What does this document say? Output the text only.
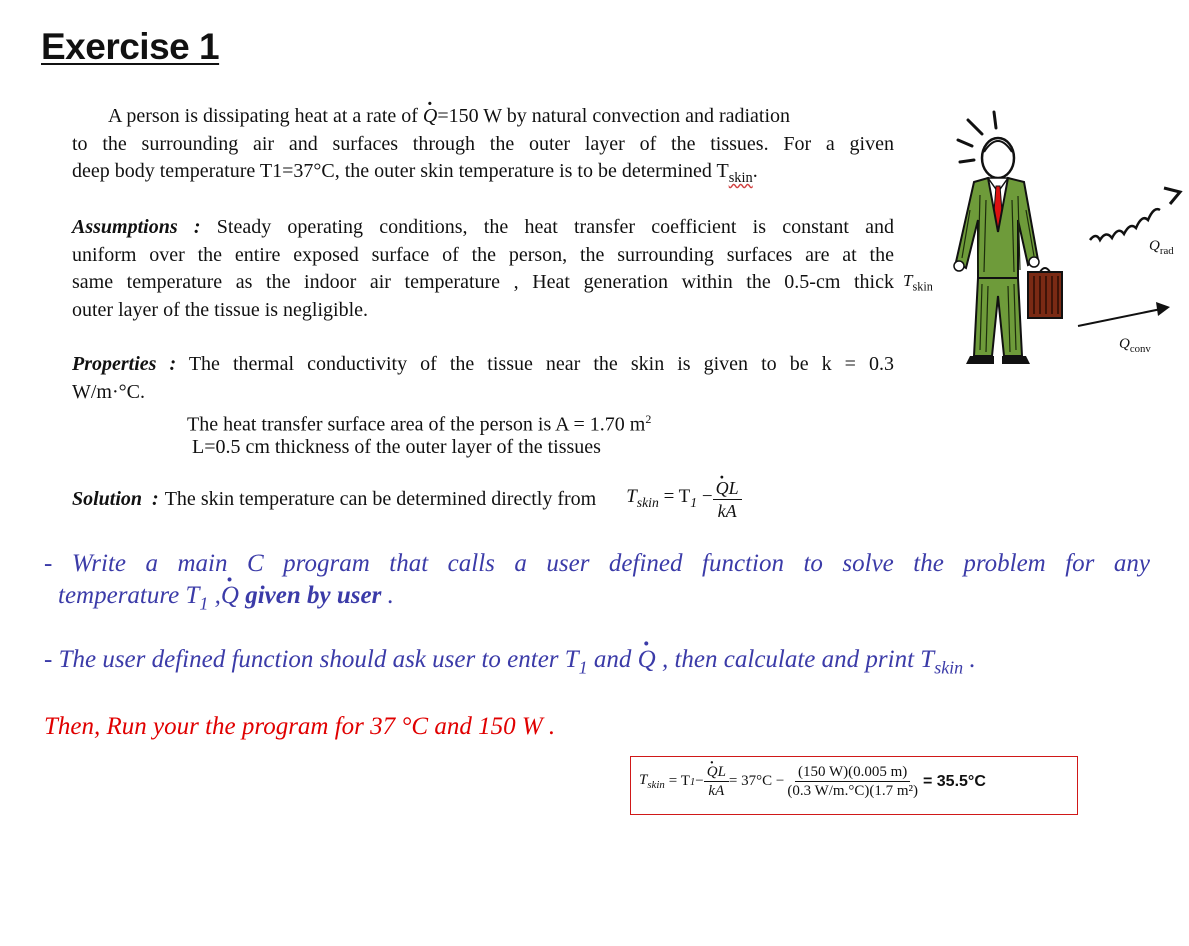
Exercise 1
A person is dissipating heat at a rate of · Q=150 W by natural convection and radiation
to the surrounding air and surfaces through the outer layer of the tissues. For a given
deep body temperature T1=37°C, the outer skin temperature is to be determined $T_{skin}$.
Assumptions : Steady operating conditions, the heat transfer coefficient is constant and
uniform over the entire exposed surface of the person, the surrounding surfaces are at the
same temperature as the indoor air temperature , Heat generation within the 0.5-cm thick
outer layer of the tissue is negligible.
Properties : The thermal conductivity of the tissue near the skin is given to be k = 0.3
W/m·°C.
The heat transfer surface area of the person is A = 1.70 $m^2$
L=0.5 cm thickness of the outer layer of the tissues
Solution : The skin temperature can be determined directly from $T_{skin} = T_1$ − · $\frac{QL}{kA}$
- Write a main C program that calls a user defined function to solve the problem for any
temperature $T_1$ ,· Q given by user .
- The user defined function should ask user to enter $T_1$ and · Q , then calculate and print $T_{skin}$ .
Then, Run your the program for 37 °C and 150 W .
$T_{skin} = T$ 1 − · $\frac{QL}{kA} = 37^\circ C - \frac{(150 W)(0.005 m)}{\text{(0.3 W/m.°C)(1.7 m²)}} = 35.5^\circ C$
$T_{skin}$
$Q_{rad}$
$Q_{conv}$
